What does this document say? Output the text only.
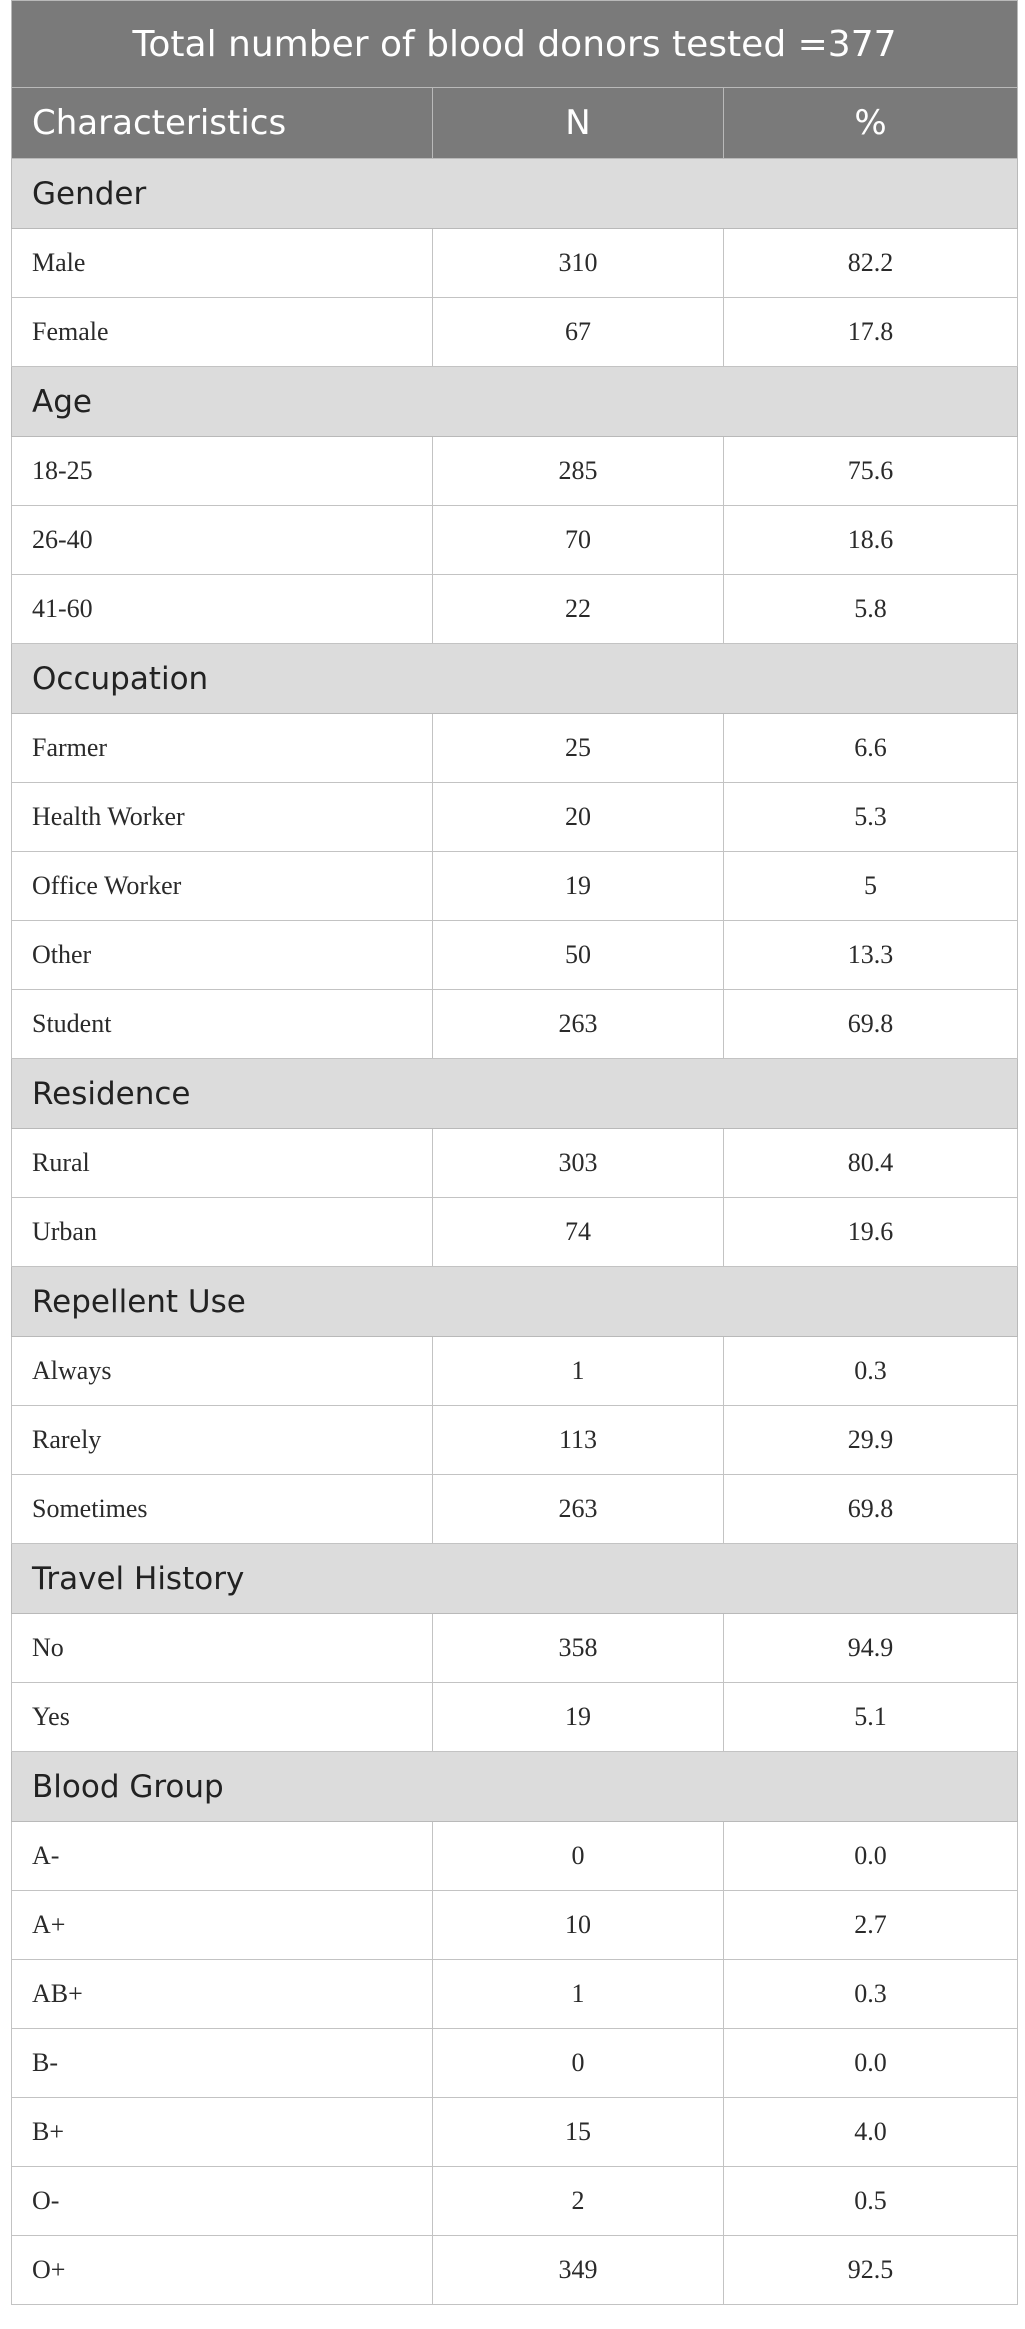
Total number of blood donors tested =377		
Characteristics	N	%
Gender		
Male	310	82.2
Female	67	17.8
Age		
18-25	285	75.6
26-40	70	18.6
41-60	22	5.8
Occupation		
Farmer	25	6.6
Health Worker	20	5.3
Office Worker	19	5
Other	50	13.3
Student	263	69.8
Residence		
Rural	303	80.4
Urban	74	19.6
Repellent Use		
Always	1	0.3
Rarely	113	29.9
Sometimes	263	69.8
Travel History		
No	358	94.9
Yes	19	5.1
Blood Group		
A-	0	0.0
A+	10	2.7
AB+	1	0.3
B-	0	0.0
B+	15	4.0
O-	2	0.5
O+	349	92.5
